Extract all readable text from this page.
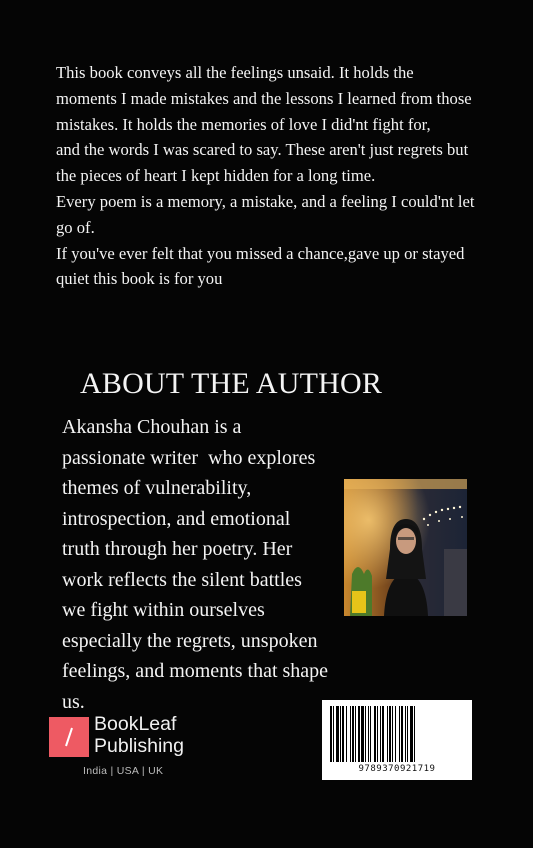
This book conveys all the feelings unsaid. It holds the moments I made mistakes and the lessons I learned from those mistakes. It holds the memories of love I did'nt fight for,

and the words I was scared to say. These aren't just regrets but the pieces of heart I kept hidden for a long time.

Every poem is a memory, a mistake, and a feeling I could'nt let go of.

If you've ever felt that you missed a chance,gave up or stayed quiet this book is for you

ABOUT THE AUTHOR
Akansha Chouhan is a
passionate writer  who explores
themes of vulnerability,
introspection, and emotional
truth through her poetry. Her
work reflects the silent battles
we fight within ourselves
especially the regrets, unspoken
feelings, and moments that shape
us.
BookLeaf
Publishing
India | USA | UK	9789370921719
